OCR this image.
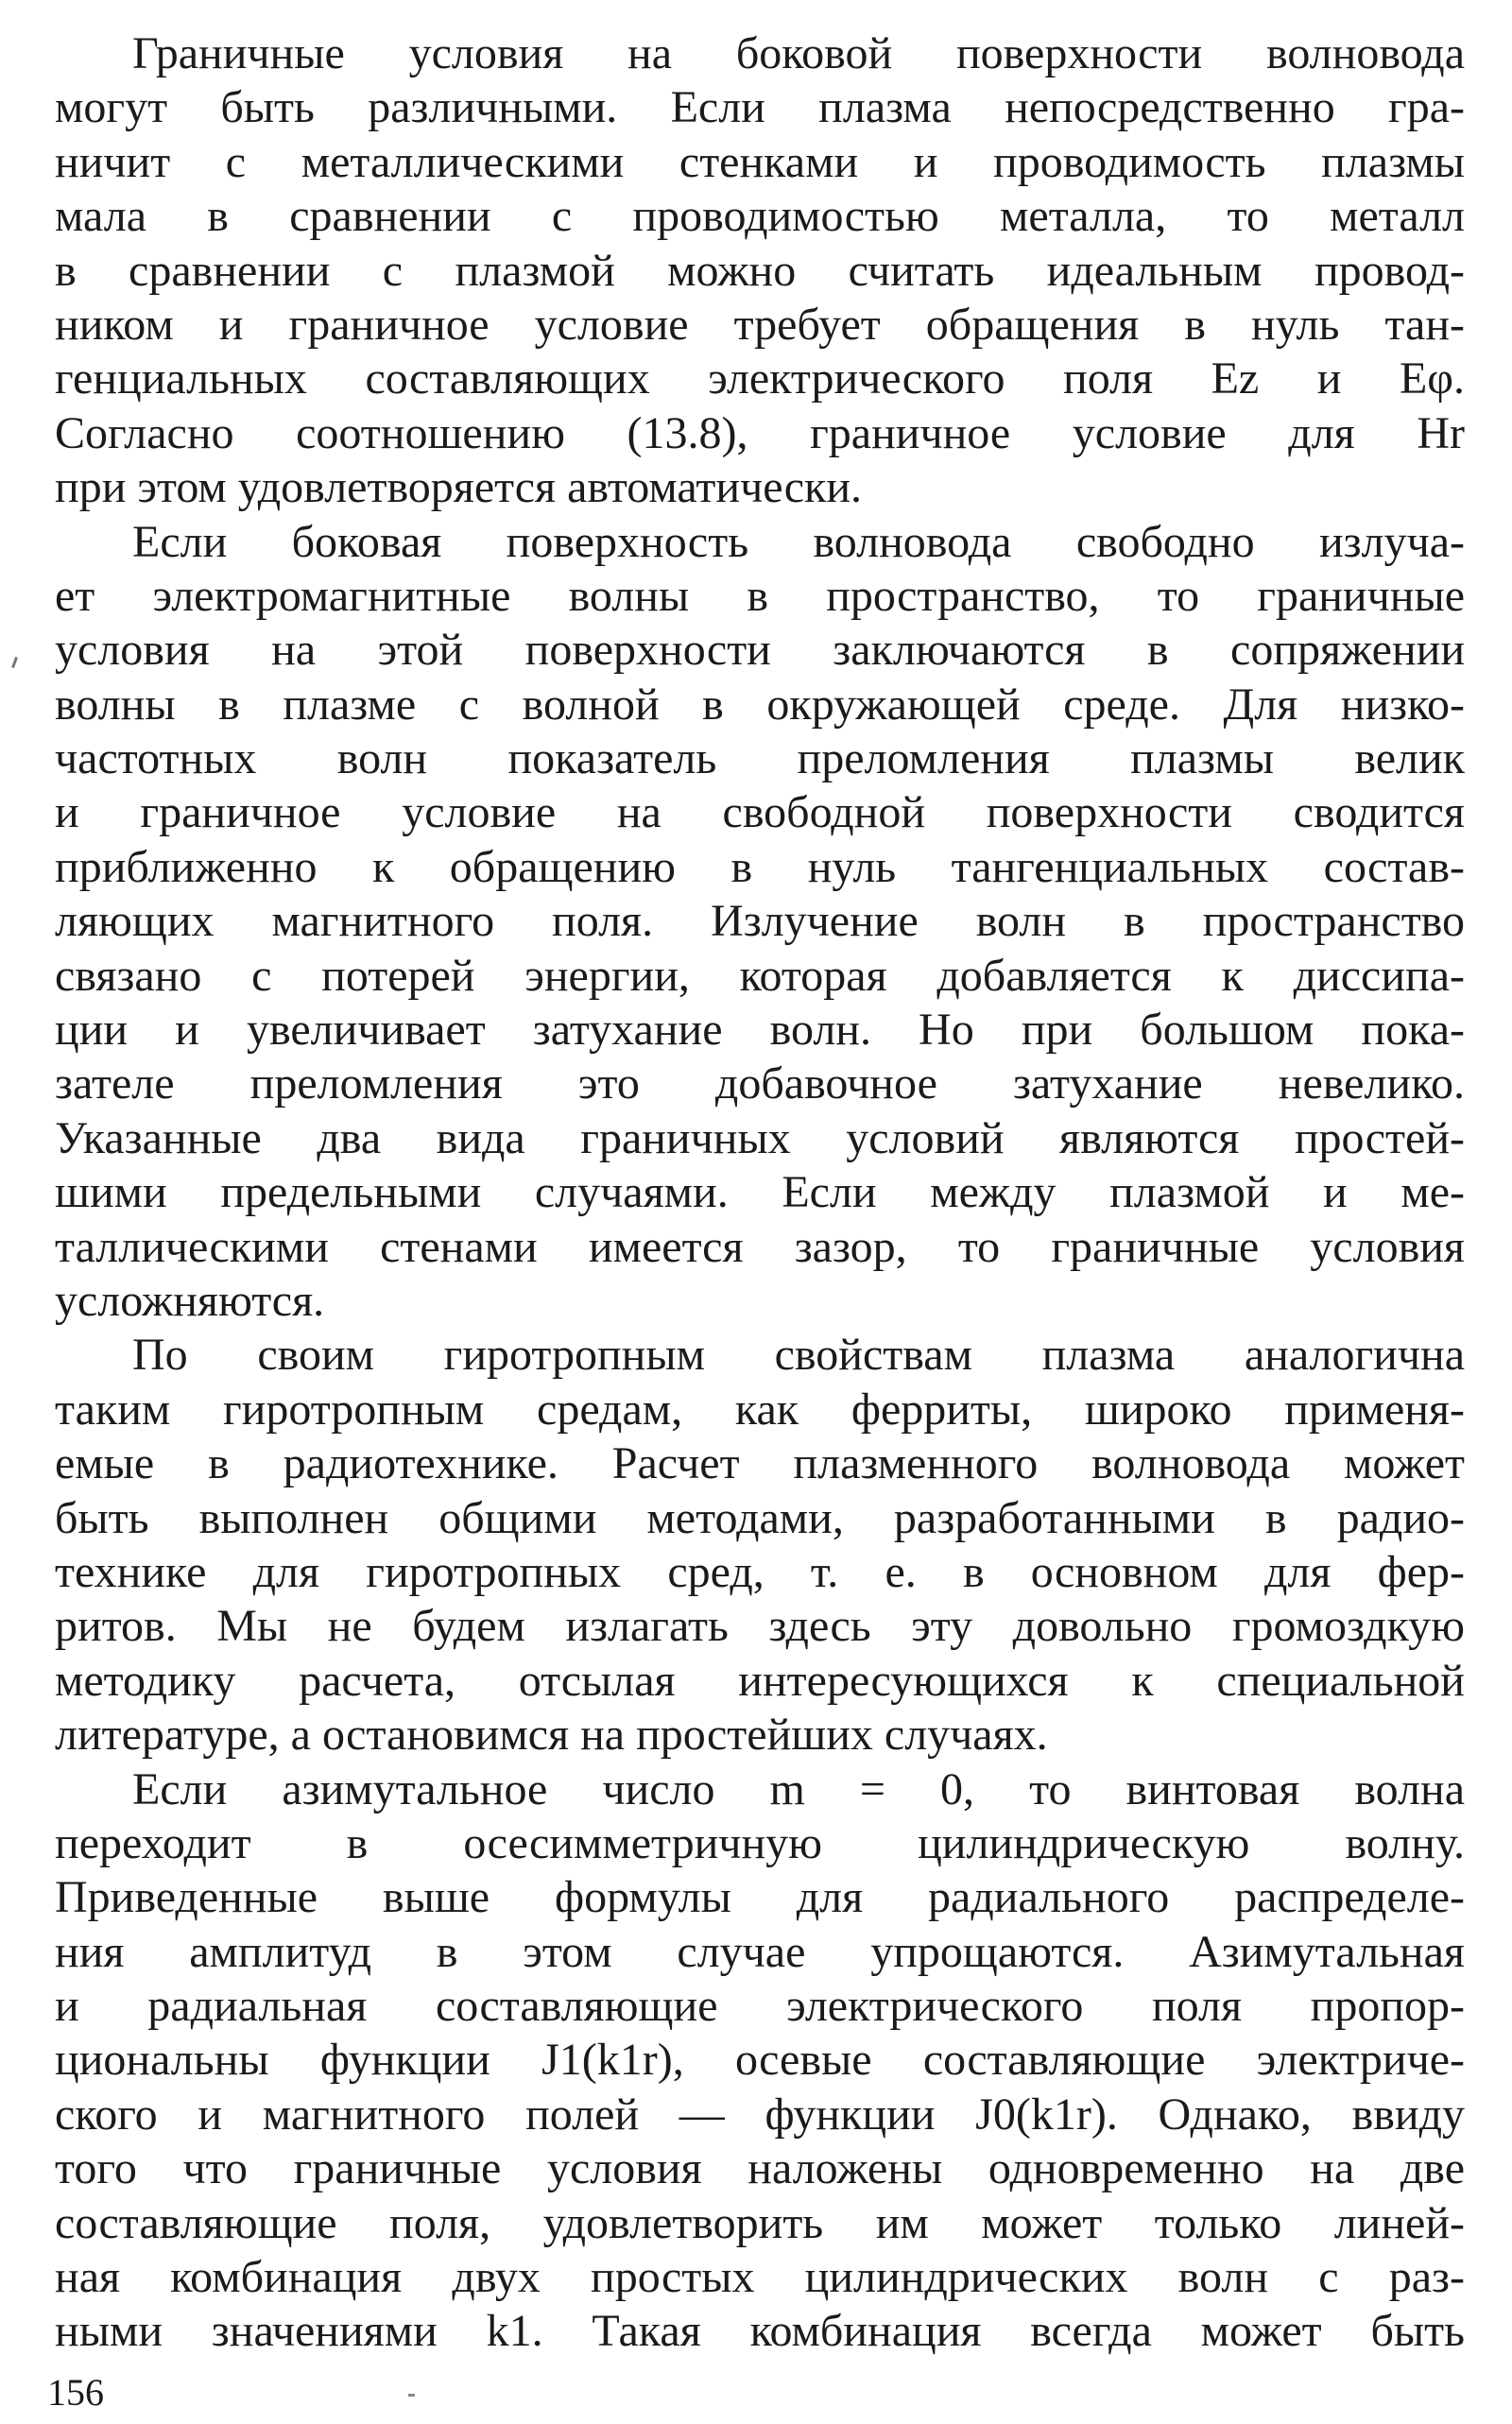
Граничные условия на боковой поверхности волновода
могут быть различными. Если плазма непосредственно гра-
ничит с металлическими стенками и проводимость плазмы
мала в сравнении с проводимостью металла, то металл
в сравнении с плазмой можно считать идеальным провод-
ником и граничное условие требует обращения в нуль тан-
генциальных составляющих электрического поля Ez и Eφ.
Согласно соотношению (13.8), граничное условие для Hr
при этом удовлетворяется автоматически.
Если боковая поверхность волновода свободно излуча-
ет электромагнитные волны в пространство, то граничные
условия на этой поверхности заключаются в сопряжении
волны в плазме с волной в окружающей среде. Для низко-
частотных волн показатель преломления плазмы велик
и граничное условие на свободной поверхности сводится
приближенно к обращению в нуль тангенциальных состав-
ляющих магнитного поля. Излучение волн в пространство
связано с потерей энергии, которая добавляется к диссипа-
ции и увеличивает затухание волн. Но при большом пока-
зателе преломления это добавочное затухание невелико.
Указанные два вида граничных условий являются простей-
шими предельными случаями. Если между плазмой и ме-
таллическими стенами имеется зазор, то граничные условия
усложняются.
По своим гиротропным свойствам плазма аналогична
таким гиротропным средам, как ферриты, широко применя-
емые в радиотехнике. Расчет плазменного волновода может
быть выполнен общими методами, разработанными в радио-
технике для гиротропных сред, т. е. в основном для фер-
ритов. Мы не будем излагать здесь эту довольно громоздкую
методику расчета, отсылая интересующихся к специальной
литературе, а остановимся на простейших случаях.
Если азимутальное число m = 0, то винтовая волна
переходит в осесимметричную цилиндрическую волну.
Приведенные выше формулы для радиального распределе-
ния амплитуд в этом случае упрощаются. Азимутальная
и радиальная составляющие электрического поля пропор-
циональны функции J1(k1r), осевые составляющие электриче-
ского и магнитного полей — функции J0(k1r). Однако, ввиду
того что граничные условия наложены одновременно на две
составляющие поля, удовлетворить им может только линей-
ная комбинация двух простых цилиндрических волн с раз-
ными значениями k1. Такая комбинация всегда может быть
156
